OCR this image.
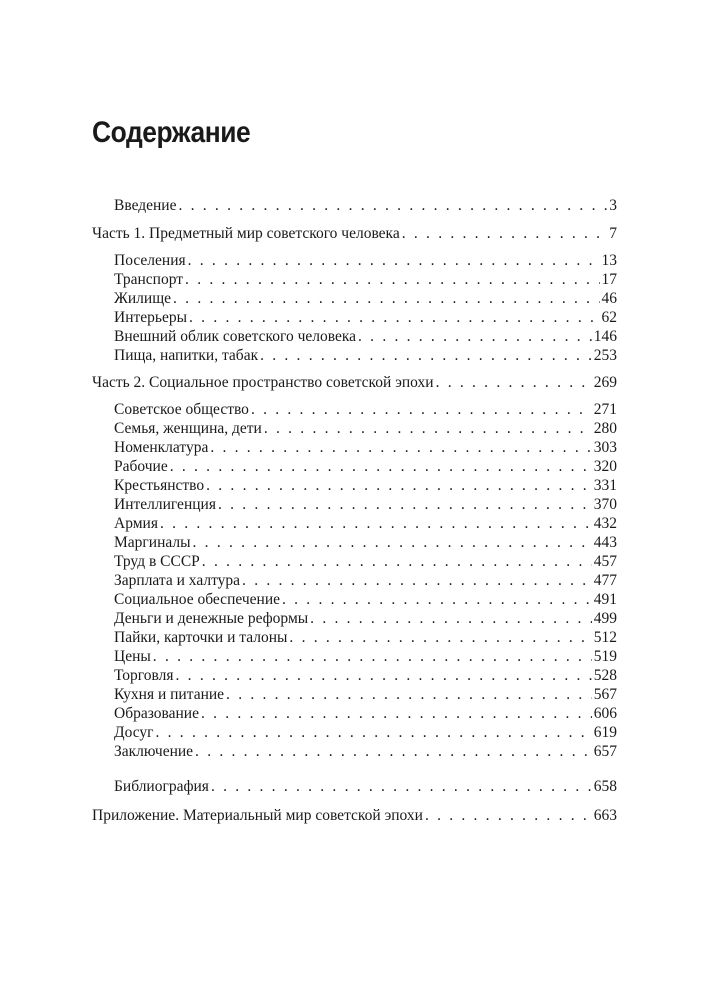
Содержание
Введение . . .	3
Часть 1. Предметный мир советского человека . . .	7
Поселения . . .	13
Транспорт . . .	17
Жилище . . .	46
Интерьеры . . .	62
Внешний облик советского человека . . .	146
Пища, напитки, табак . . .	253
Часть 2. Социальное пространство советской эпохи . . .	269
Советское общество . . .	271
Семья, женщина, дети . . .	280
Номенклатура . . .	303
Рабочие . . .	320
Крестьянство . . .	331
Интеллигенция . . .	370
Армия . . .	432
Маргиналы . . .	443
Труд в СССР . . .	457
Зарплата и халтура . . .	477
Социальное обеспечение . . .	491
Деньги и денежные реформы . . .	499
Пайки, карточки и талоны . . .	512
Цены . . .	519
Торговля . . .	528
Кухня и питание . . .	567
Образование . . .	606
Досуг . . .	619
Заключение . . .	657
Библиография . . .	658
Приложение. Материальный мир советской эпохи . . .	663
